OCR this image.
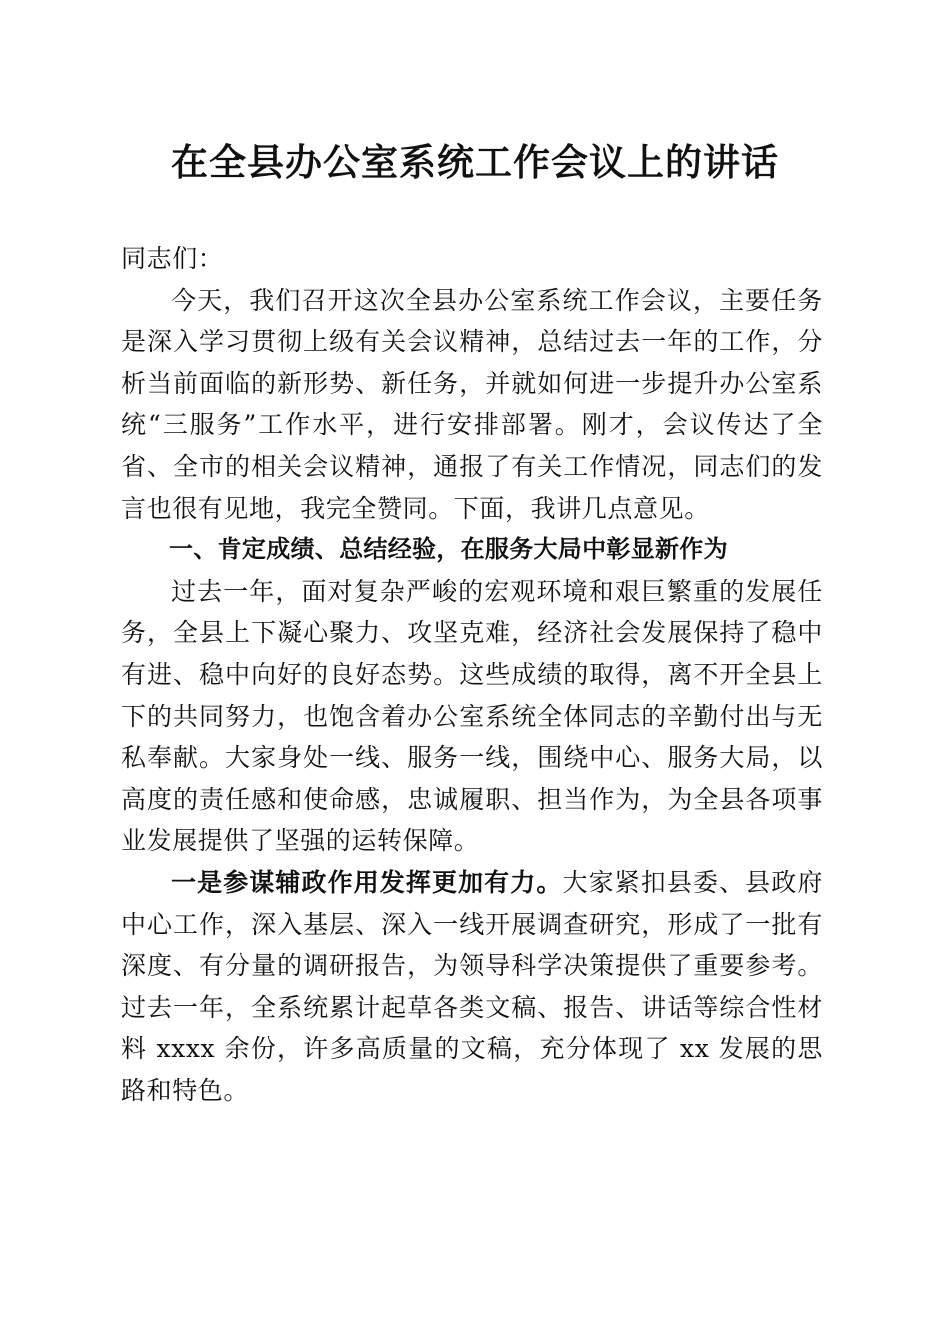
在全县办公室系统工作会议上的讲话

同志们：

今天，我们召开这次全县办公室系统工作会议，主要任务是深入学习贯彻上级有关会议精神，总结过去一年的工作，分析当前面临的新形势、新任务，并就如何进一步提升办公室系统“三服务”工作水平，进行安排部署。刚才，会议传达了全省、全市的相关会议精神，通报了有关工作情况，同志们的发言也很有见地，我完全赞同。下面，我讲几点意见。

一、肯定成绩、总结经验，在服务大局中彰显新作为

过去一年，面对复杂严峻的宏观环境和艰巨繁重的发展任务，全县上下凝心聚力、攻坚克难，经济社会发展保持了稳中有进、稳中向好的良好态势。这些成绩的取得，离不开全县上下的共同努力，也饱含着办公室系统全体同志的辛勤付出与无私奉献。大家身处一线、服务一线，围绕中心、服务大局，以高度的责任感和使命感，忠诚履职、担当作为，为全县各项事业发展提供了坚强的运转保障。

一是参谋辅政作用发挥更加有力。大家紧扣县委、县政府中心工作，深入基层、深入一线开展调查研究，形成了一批有深度、有分量的调研报告，为领导科学决策提供了重要参考。过去一年，全系统累计起草各类文稿、报告、讲话等综合性材料 xxxx 余份，许多高质量的文稿，充分体现了 xx 发展的思路和特色。
